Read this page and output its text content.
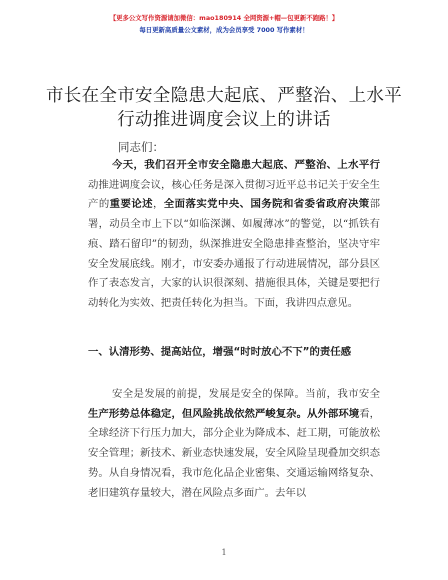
【更多公文写作资源请加微信：mao180914 全网资源+帽—包更新不跑路！】
每日更新高质量公文素材，成为会员享受 7000 写作素材！
市长在全市安全隐患大起底、严整治、上水平行动推进调度会议上的讲话
同志们：
今天，我们召开全市安全隐患大起底、严整治、上水平行动推进调度会议，核心任务是深入贯彻习近平总书记关于安全生产的重要论述，全面落实党中央、国务院和省委省政府决策部署，动员全市上下以“如临深渊、如履薄冰”的警觉，以“抓铁有痕、踏石留印”的韧劲，纵深推进安全隐患排查整治，坚决守牢安全发展底线。刚才，市安委办通报了行动进展情况，部分县区作了表态发言，大家的认识很深刻、措施很具体，关键是要把行动转化为实效、把责任转化为担当。下面，我讲四点意见。
一、认清形势、提高站位，增强“时时放心不下”的责任感
安全是发展的前提，发展是安全的保障。当前，我市安全生产形势总体稳定，但风险挑战依然严峻复杂。从外部环境看，全球经济下行压力加大，部分企业为降成本、赶工期，可能放松安全管理；新技术、新业态快速发展，安全风险呈现叠加交织态势。从自身情况看，我市危化品企业密集、交通运输网络复杂、老旧建筑存量较大，潜在风险点多面广。去年以
1
